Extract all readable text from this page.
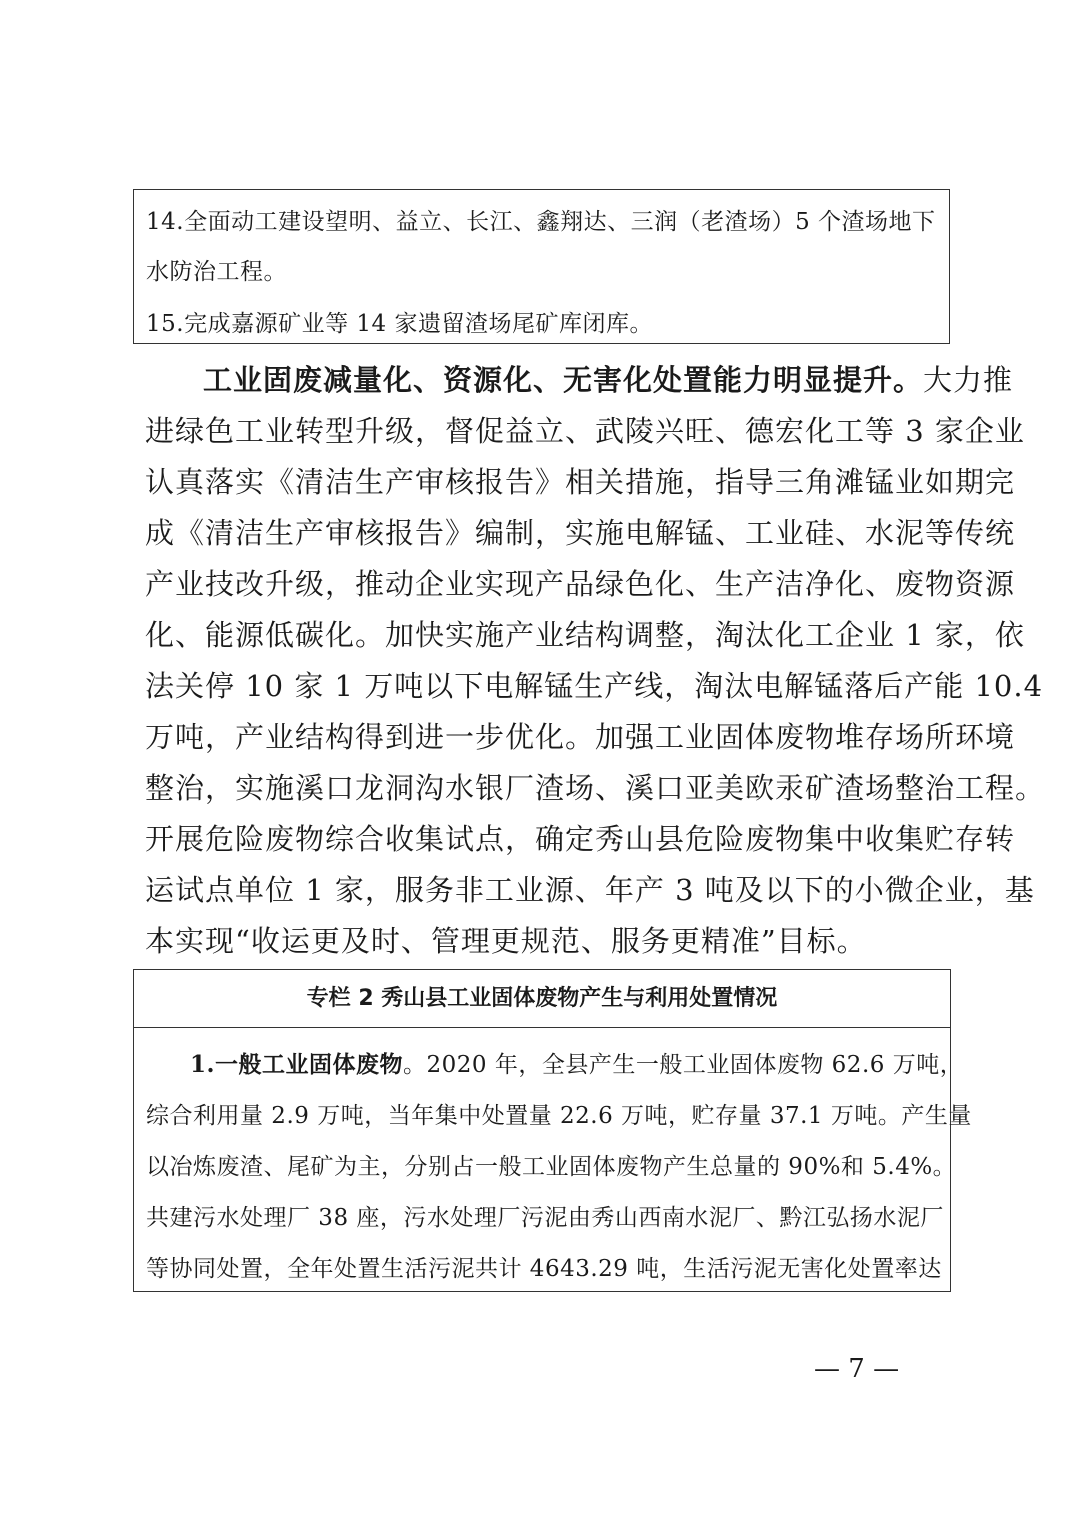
14.全面动工建设望明、益立、长江、鑫翔达、三润（老渣场）5 个渣场地下
水防治工程。
15.完成嘉源矿业等 14 家遗留渣场尾矿库闭库。
工业固废减量化、资源化、无害化处置能力明显提升。大力推
进绿色工业转型升级，督促益立、武陵兴旺、德宏化工等 3 家企业
认真落实《清洁生产审核报告》相关措施，指导三角滩锰业如期完
成《清洁生产审核报告》编制，实施电解锰、工业硅、水泥等传统
产业技改升级，推动企业实现产品绿色化、生产洁净化、废物资源
化、能源低碳化。加快实施产业结构调整，淘汰化工企业 1 家，依
法关停 10 家 1 万吨以下电解锰生产线，淘汰电解锰落后产能 10.4
万吨，产业结构得到进一步优化。加强工业固体废物堆存场所环境
整治，实施溪口龙洞沟水银厂渣场、溪口亚美欧汞矿渣场整治工程。
开展危险废物综合收集试点，确定秀山县危险废物集中收集贮存转
运试点单位 1 家，服务非工业源、年产 3 吨及以下的小微企业，基
本实现“收运更及时、管理更规范、服务更精准”目标。
专栏 2 秀山县工业固体废物产生与利用处置情况
1.一般工业固体废物。2020 年，全县产生一般工业固体废物 62.6 万吨，
综合利用量 2.9 万吨，当年集中处置量 22.6 万吨，贮存量 37.1 万吨。产生量
以冶炼废渣、尾矿为主，分别占一般工业固体废物产生总量的 90%和 5.4%。
共建污水处理厂 38 座，污水处理厂污泥由秀山西南水泥厂、黔江弘扬水泥厂
等协同处置，全年处置生活污泥共计 4643.29 吨，生活污泥无害化处置率达
— 7 —
